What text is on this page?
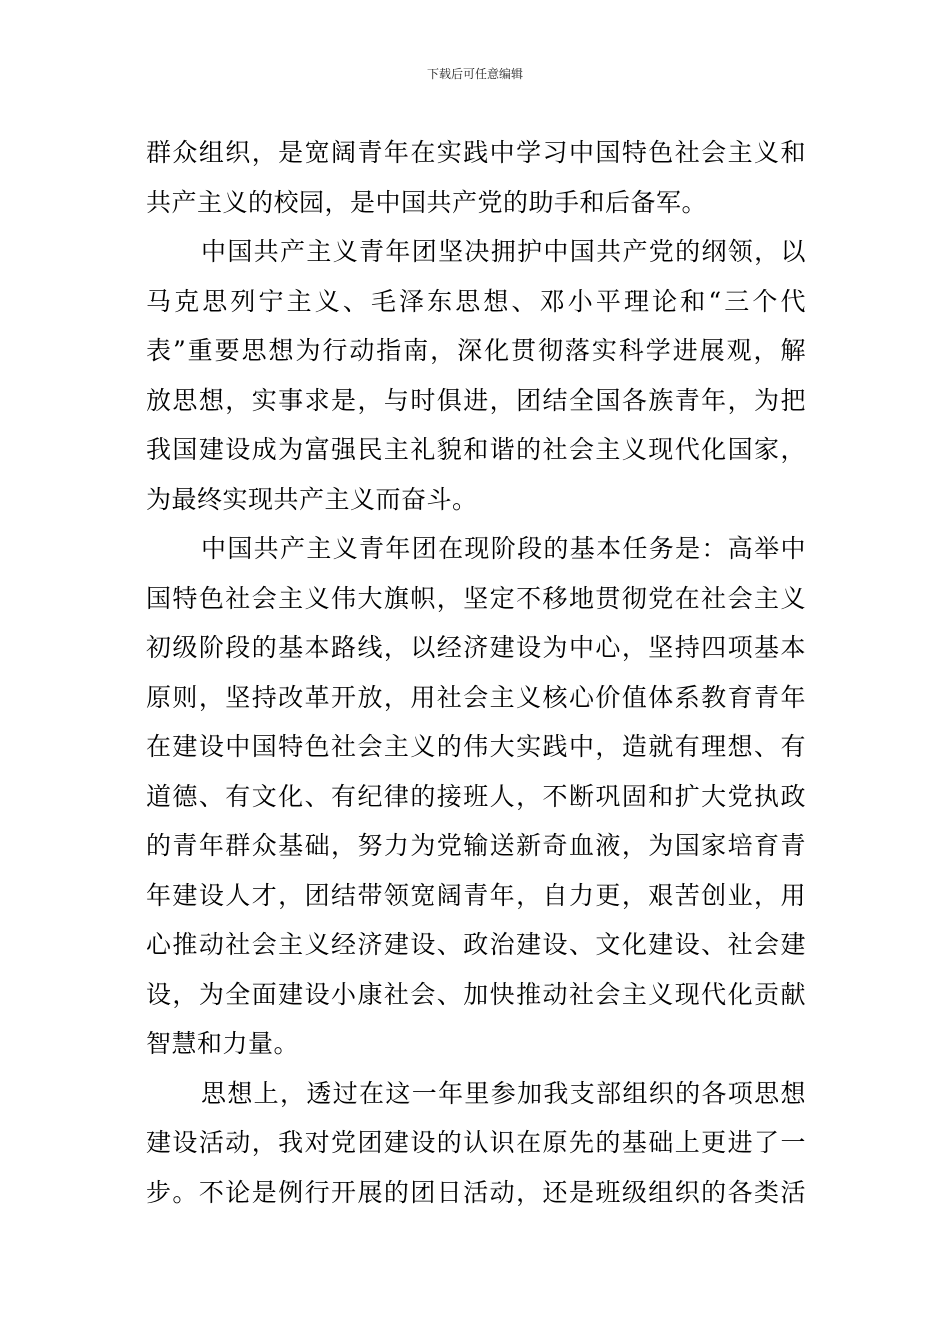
下载后可任意编辑
群众组织，是宽阔青年在实践中学习中国特色社会主义和
共产主义的校园，是中国共产党的助手和后备军。
中国共产主义青年团坚决拥护中国共产党的纲领，以
马克思列宁主义、毛泽东思想、邓小平理论和“三个代
表”重要思想为行动指南，深化贯彻落实科学进展观，解
放思想，实事求是，与时俱进，团结全国各族青年，为把
我国建设成为富强民主礼貌和谐的社会主义现代化国家，
为最终实现共产主义而奋斗。
中国共产主义青年团在现阶段的基本任务是：高举中
国特色社会主义伟大旗帜，坚定不移地贯彻党在社会主义
初级阶段的基本路线，以经济建设为中心，坚持四项基本
原则，坚持改革开放，用社会主义核心价值体系教育青年
在建设中国特色社会主义的伟大实践中，造就有理想、有
道德、有文化、有纪律的接班人，不断巩固和扩大党执政
的青年群众基础，努力为党输送新奇血液，为国家培育青
年建设人才，团结带领宽阔青年，自力更，艰苦创业，用
心推动社会主义经济建设、政治建设、文化建设、社会建
设，为全面建设小康社会、加快推动社会主义现代化贡献
智慧和力量。
思想上，透过在这一年里参加我支部组织的各项思想
建设活动，我对党团建设的认识在原先的基础上更进了一
步。不论是例行开展的团日活动，还是班级组织的各类活
